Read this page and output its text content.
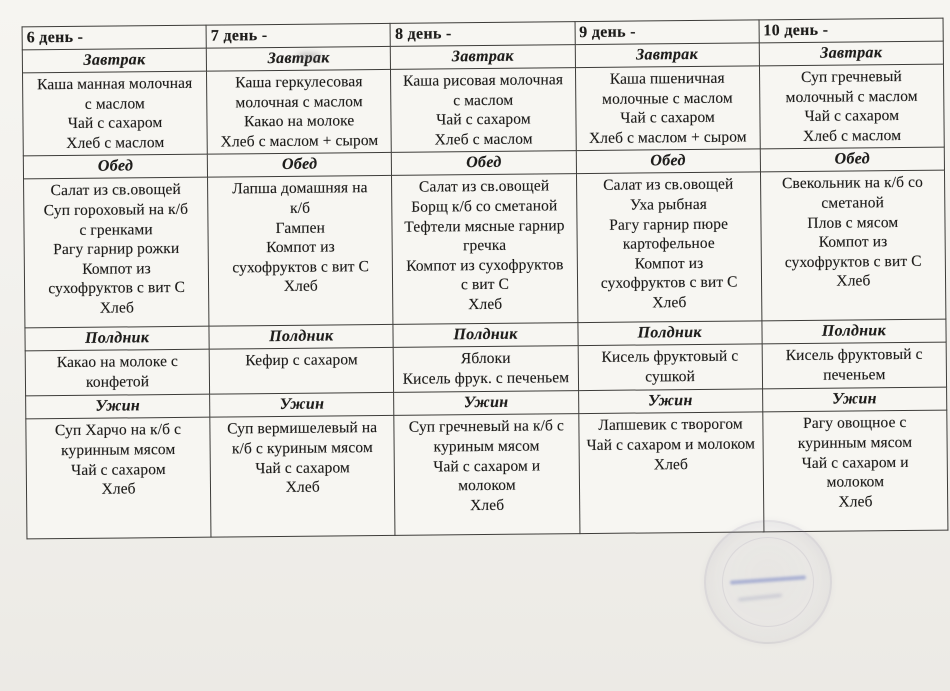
6 день -	7 день -	8 день -	9 день -	10 день -
Завтрак	Завтрак	Завтрак	Завтрак	Завтрак
Каша манная молочная
с маслом
Чай с сахаром
Хлеб с маслом	Каша геркулесовая
молочная с маслом
Какао на молоке
Хлеб с маслом + сыром	Каша рисовая молочная
с маслом
Чай с сахаром
Хлеб с маслом	Каша пшеничная
молочные с маслом
Чай с сахаром
Хлеб с маслом + сыром	Суп гречневый
молочный с маслом
Чай с сахаром
Хлеб с маслом
Обед	Обед	Обед	Обед	Обед
Салат из св.овощей
Суп гороховый на к/б
с гренками
Рагу гарнир рожки
Компот из
сухофруктов с вит С
Хлеб	Лапша домашняя на
к/б
Гампен
Компот из
сухофруктов с вит С
Хлеб	Салат из св.овощей
Борщ к/б со сметаной
Тефтели мясные гарнир
гречка
Компот из сухофруктов
с вит С
Хлеб	Салат из св.овощей
Уха рыбная
Рагу гарнир пюре
картофельное
Компот из
сухофруктов с вит С
Хлеб	Свекольник на к/б со
сметаной
Плов с мясом
Компот из
сухофруктов с вит С
Хлеб
Полдник	Полдник	Полдник	Полдник	Полдник
Какао на молоке с
конфетой	Кефир с сахаром	Яблоки
Кисель фрук. с печеньем	Кисель фруктовый с
сушкой	Кисель фруктовый с
печеньем
Ужин	Ужин	Ужин	Ужин	Ужин
Суп Харчо на к/б с
куринным мясом
Чай с сахаром
Хлеб	Суп вермишелевый на
к/б с куриным мясом
Чай с сахаром
Хлеб	Суп гречневый на к/б с
куриным мясом
Чай с сахаром и
молоком
Хлеб	Лапшевик с творогом
Чай с сахаром и молоком
Хлеб	Рагу овощное с
куринным мясом
Чай с сахаром и
молоком
Хлеб
